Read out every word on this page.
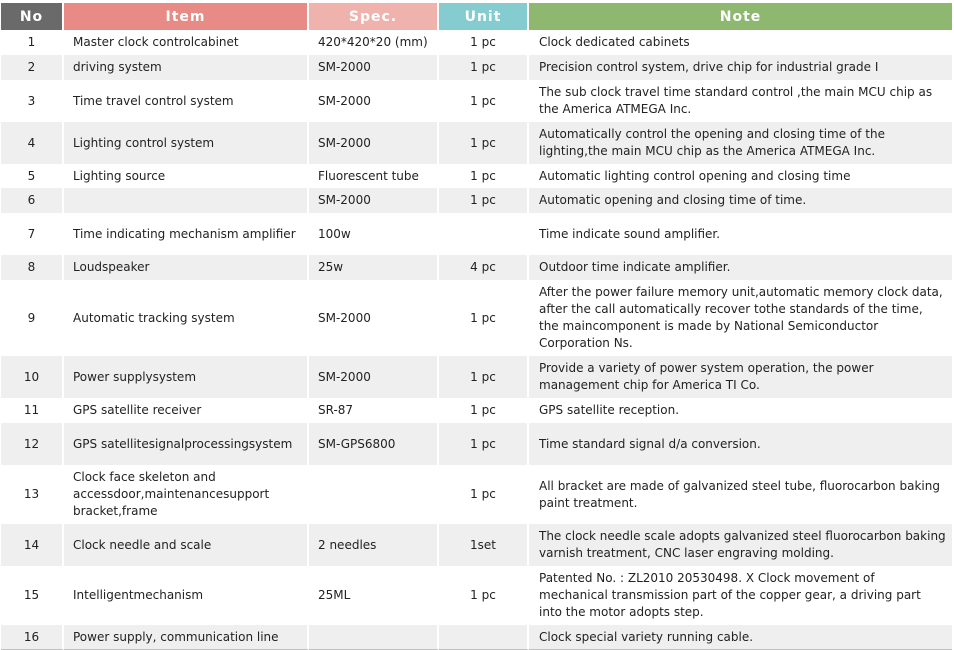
No	Item	Spec.	Unit	Note
1	Master clock controlcabinet	420*420*20 (mm)	1 pc	Clock dedicated cabinets
2	driving system	SM-2000	1 pc	Precision control system, drive chip for industrial grade I
3	Time travel control system	SM-2000	1 pc	The sub clock travel time standard control ,the main MCU chip as the America ATMEGA Inc.
4	Lighting control system	SM-2000	1 pc	Automatically control the opening and closing time of the lighting,the main MCU chip as the America ATMEGA Inc.
5	Lighting source	Fluorescent tube	1 pc	Automatic lighting control opening and closing time
6		SM-2000	1 pc	Automatic opening and closing time of time.
7	Time indicating mechanism amplifier	100w		Time indicate sound amplifier.
8	Loudspeaker	25w	4 pc	Outdoor time indicate amplifier.
9	Automatic tracking system	SM-2000	1 pc	After the power failure memory unit,automatic memory clock data, after the call automatically recover tothe standards of the time, the maincomponent is made by National Semiconductor Corporation Ns.
10	Power supplysystem	SM-2000	1 pc	Provide a variety of power system operation, the power management chip for America TI Co.
11	GPS satellite receiver	SR-87	1 pc	GPS satellite reception.
12	GPS satellitesignalprocessingsystem	SM-GPS6800	1 pc	Time standard signal d/a conversion.
13	Clock face skeleton and accessdoor,maintenancesupport bracket,frame		1 pc	All bracket are made of galvanized steel tube, fluorocarbon baking paint treatment.
14	Clock needle and scale	2 needles	1set	The clock needle scale adopts galvanized steel fluorocarbon baking varnish treatment, CNC laser engraving molding.
15	Intelligentmechanism	25ML	1 pc	Patented No. : ZL2010 20530498. X Clock movement of mechanical transmission part of the copper gear, a driving part into the motor adopts step.
16	Power supply, communication line			Clock special variety running cable.
